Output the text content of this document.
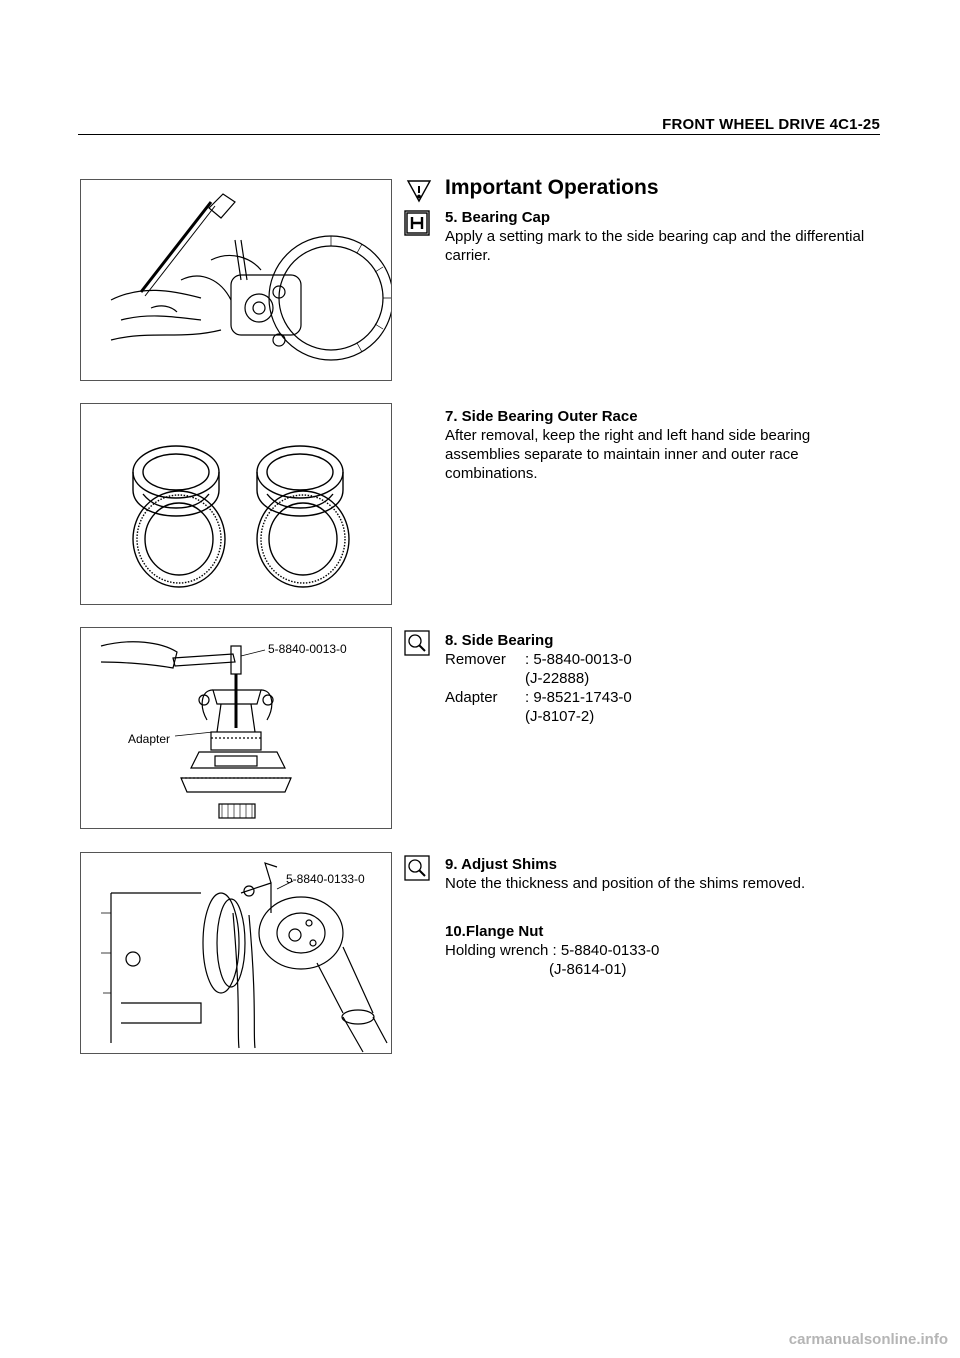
FRONT WHEEL DRIVE 4C1-25
Important Operations
5. Bearing Cap
Apply a setting mark to the side bearing cap and the differential carrier.
7. Side Bearing Outer Race
After removal, keep the right and left hand side bearing assemblies separate to maintain inner and outer race combinations.
5-8840-0013-0
Adapter
8. Side Bearing
Remover	: 5-8840-0013-0
(J-22888)
Adapter	: 9-8521-1743-0
(J-8107-2)
5-8840-0133-0
9. Adjust Shims
Note the thickness and position of the shims removed.
10.Flange Nut
Holding wrench : 5-8840-0133-0
(J-8614-01)
carmanualsonline.info
